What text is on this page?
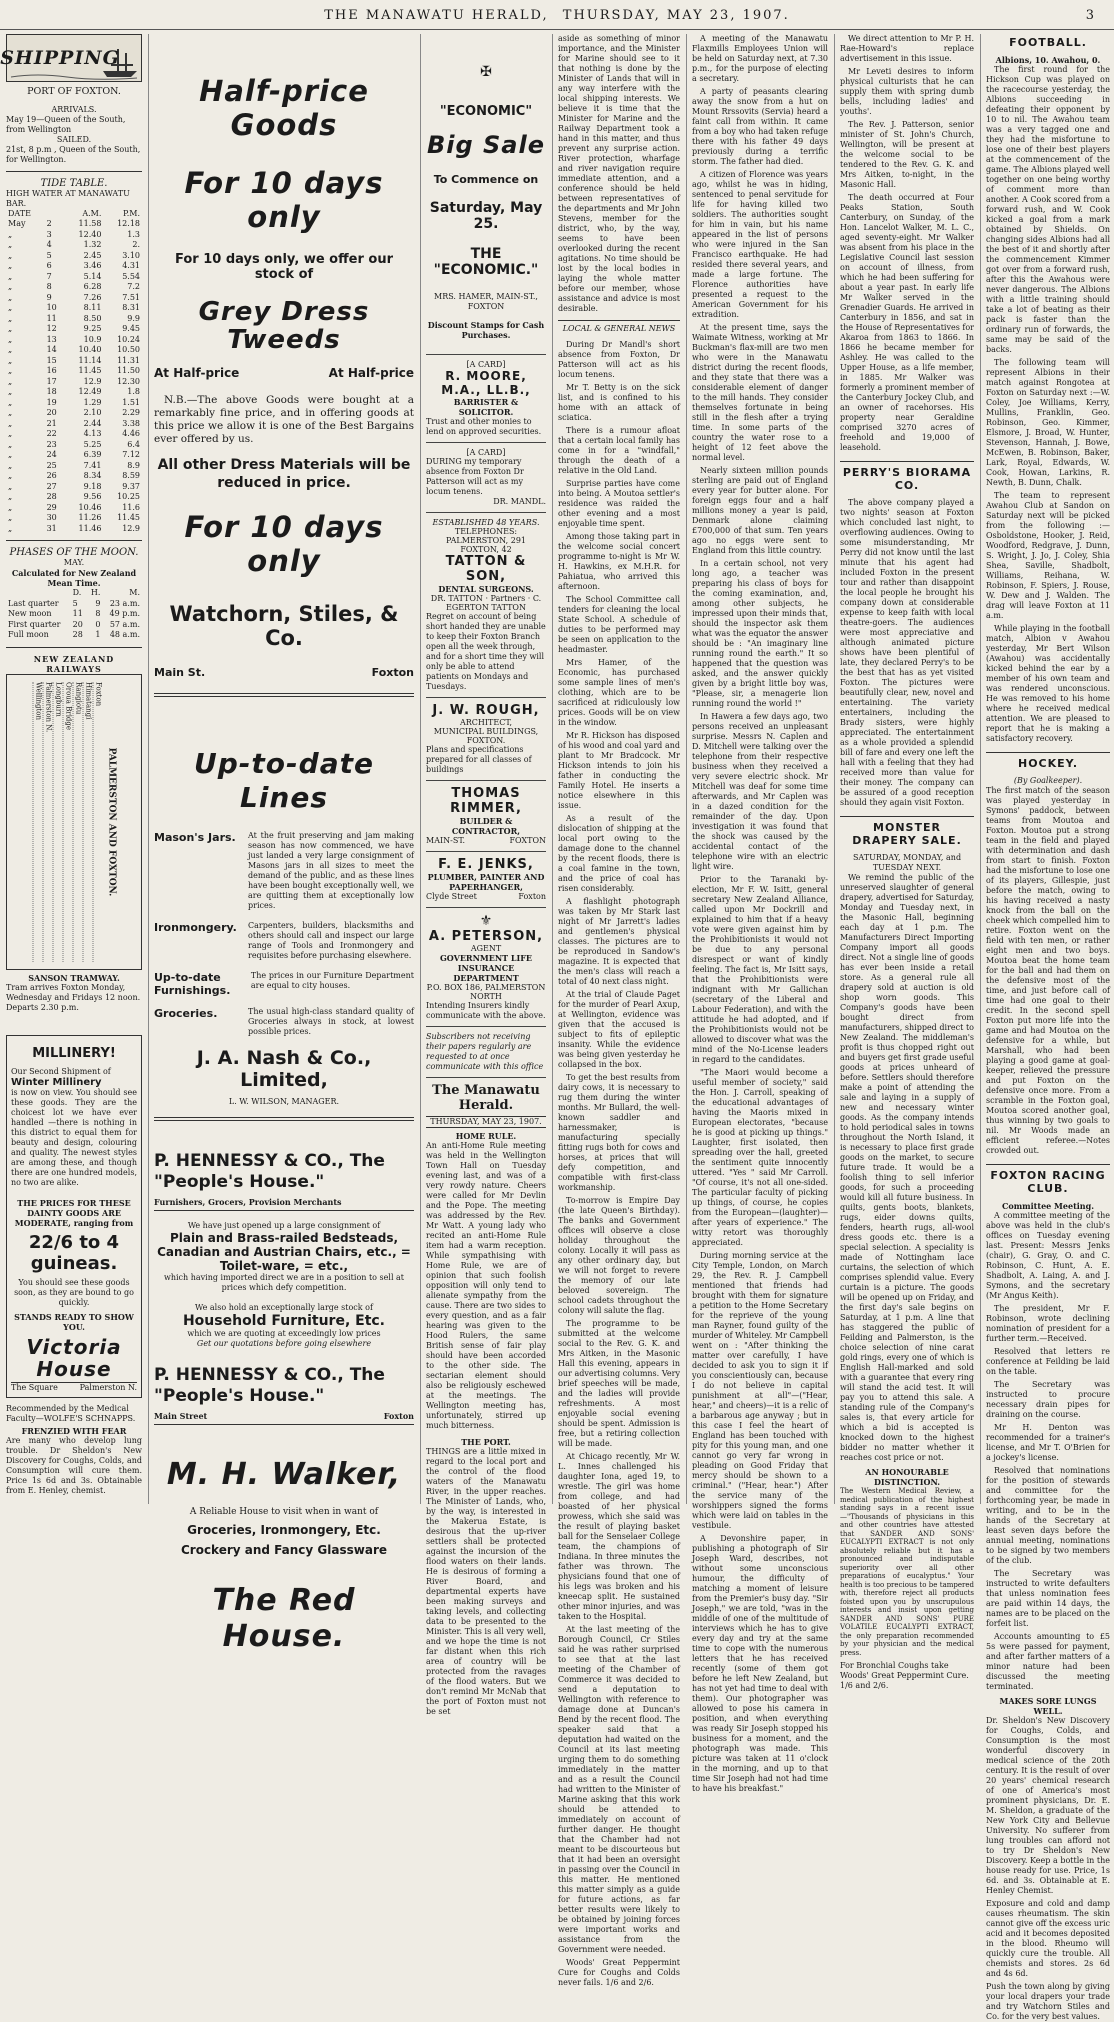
THE MANAWATU HERALD, THURSDAY, MAY 23, 1907.	3
SHIPPING
PORT OF FOXTON.
ARRIVALS.
May 19—Queen of the South, from Wellington
SAILED.
21st, 8 p.m , Queen of the South, for Wellington.
TIDE TABLE.
HIGH WATER AT MANAWATU BAR.
DATE		A.M.	P.M.
May	2	11.58	12.18
„	3	12.40	1.3
„	4	1.32	2.
„	5	2.45	3.10
„	6	3.46	4.31
„	7	5.14	5.54
„	8	6.28	7.2
„	9	7.26	7.51
„	10	8.11	8.31
„	11	8.50	9.9
„	12	9.25	9.45
„	13	10.9	10.24
„	14	10.40	10.50
„	15	11.14	11.31
„	16	11.45	11.50
„	17	12.9	12.30
„	18	12.49	1.8
„	19	1.29	1.51
„	20	2.10	2.29
„	21	2.44	3.38
„	22	4.13	4.46
„	23	5.25	6.4
„	24	6.39	7.12
„	25	7.41	8.9
„	26	8.34	8.59
„	27	9.18	9.37
„	28	9.56	10.25
„	29	10.46	11.6
„	30	11.26	11.45
„	31	11.46	12.9
PHASES OF THE MOON.
MAY.
Calculated for New Zealand Mean Time.
	D.	H.	M.
Last quarter	5	9	23 a.m.
New moon	11	8	49 p.m.
First quarter	20	0	57 a.m.
Full moon	28	1	48 a.m.
NEW ZEALAND RAILWAYS
PALMERSTON AND FOXTON.
Foxton
Himatangi
Rangiotu
Oroua Bridge
Longburn
Palmerston N.
Wellington
SANSON TRAMWAY.
Tram arrives Foxton Monday, Wednesday and Fridays 12 noon. Departs 2.30 p.m.
MILLINERY!
Our Second Shipment of
Winter Millinery
is now on view. You should see these goods. They are the choicest lot we have ever handled —there is nothing in this district to equal them for beauty and design, colouring and quality. The newest styles are among these, and though there are one hundred models, no two are alike.
THE PRICES FOR THESE DAINTY GOODS ARE MODERATE, ranging from
22/6 to 4 guineas.
You should see these goods soon, as they are bound to go quickly.
STANDS READY TO SHOW YOU.
Victoria House
The Square	Palmerston N.
Recommended by the Medical Faculty—WOLFE'S SCHNAPPS.
FRENZIED WITH FEAR
Are many who develop lung trouble. Dr Sheldon's New Discovery for Coughs, Colds, and Consumption will cure them. Price 1s 6d and 3s. Obtainable from E. Henley, chemist.
Half-price Goods
For 10 days only
For 10 days only, we offer our stock of
Grey Dress Tweeds
At Half-price	At Half-price
N.B.—The above Goods were bought at a remarkably fine price, and in offering goods at this price we allow it is one of the Best Bargains ever offered by us.
All other Dress Materials will be reduced in price.
For 10 days only
Watchorn, Stiles, & Co.
Main St.	Foxton
Up-to-date Lines
Mason's Jars.	At the fruit preserving and jam making season has now commenced, we have just landed a very large consignment of Masons jars in all sizes to meet the demand of the public, and as these lines have been bought exceptionally well, we are quitting them at exceptionally low prices.
Ironmongery.	Carpenters, builders, blacksmiths and others should call and inspect our large range of Tools and Ironmongery and requisites before purchasing elsewhere.
Up-to-date Furnishings.
The prices in our Furniture Department are equal to city houses.
Groceries.	The usual high-class standard quality of Groceries always in stock, at lowest possible prices.
J. A. Nash & Co., Limited,
L. W. WILSON, MANAGER.
P. HENNESSY & CO., The "People's House."
Furnishers, Grocers, Provision Merchants
We have just opened up a large consignment of
Plain and Brass-railed Bedsteads, Canadian and Austrian Chairs, etc., = Toilet-ware, = etc.,
which having imported direct we are in a position to sell at prices which defy competition.
We also hold an exceptionally large stock of
Household Furniture, Etc.
which we are quoting at exceedingly low prices
Get our quotations before going elsewhere
P. HENNESSY & CO., The "People's House."
Main Street	Foxton
M. H. Walker,
A Reliable House to visit when in want of
Groceries, Ironmongery, Etc.
Crockery and Fancy Glassware
The Red House.
✠
"ECONOMIC"
Big Sale
To Commence on
Saturday, May 25.
THE "ECONOMIC."
MRS. HAMER, MAIN-ST., FOXTON
Discount Stamps for Cash Purchases.
[A CARD]
R. MOORE, M.A., LL.B.,
BARRISTER & SOLICITOR.
Trust and other monies to lend on approved securities.
[A CARD]
DURING my temporary absence from Foxton Dr Patterson will act as my locum tenens.
DR. MANDL.
ESTABLISHED 48 YEARS.
TELEPHONES:
PALMERSTON, 291 FOXTON, 42
TATTON & SON,
DENTAL SURGEONS.
DR. TATTON · Partners · C. EGERTON TATTON
Regret on account of being short handed they are unable to keep their Foxton Branch open all the week through, and for a short time they will only be able to attend patients on Mondays and Tuesdays.
J. W. ROUGH,
ARCHITECT,
MUNICIPAL BUILDINGS, FOXTON.
Plans and specifications prepared for all classes of buildings
THOMAS RIMMER,
BUILDER & CONTRACTOR,
MAIN-ST.	FOXTON
F. E. JENKS,
PLUMBER, PAINTER AND PAPERHANGER,
Clyde Street	Foxton
⚜
A. PETERSON,
AGENT
GOVERNMENT LIFE INSURANCE DEPARTMENT
P.O. BOX 186, PALMERSTON NORTH
Intending Insurers kindly communicate with the above.
Subscribers not receiving their papers regularly are requested to at once communicate with this office
The Manawatu Herald.
THURSDAY, MAY 23, 1907.
HOME RULE.
An anti-Home Rule meeting was held in the Wellington Town Hall on Tuesday evening last, and was of a very rowdy nature. Cheers were called for Mr Devlin and the Pope. The meeting was addressed by the Rev. Mr Watt. A young lady who recited an anti-Home Rule item had a warm reception. While sympathising with Home Rule, we are of opinion that such foolish opposition will only tend to alienate sympathy from the cause. There are two sides to every question, and as a fair hearing was given to the Hood Rulers, the same British sense of fair play should have been accorded to the other side. The sectarian element should also be religiously eschewed at the meetings. The Wellington meeting has, unfortunately, stirred up much bitterness.
THE PORT.
THINGS are a little mixed in regard to the local port and the control of the flood waters of the Manawatu River, in the upper reaches. The Minister of Lands, who, by the way, is interested in the Makerua Estate, is desirous that the up-river settlers shall be protected against the incursion of the flood waters on their lands. He is desirous of forming a River Board, and departmental experts have been making surveys and taking levels, and collecting data to be presented to the Minister. This is all very well, and we hope the time is not far distant when this rich area of country will be protected from the ravages of the flood waters. But we don't remind Mr McNab that the port of Foxton must not be set
aside as something of minor importance, and the Minister for Marine should see to it that nothing is done by the Minister of Lands that will in any way interfere with the local shipping interests. We believe it is time that the Minister for Marine and the Railway Department took a hand in this matter, and thus prevent any surprise action. River protection, wharfage and river navigation require immediate attention, and a conference should be held between representatives of the departments and Mr John Stevens, member for the district, who, by the way, seems to have been overlooked during the recent agitations. No time should be lost by the local bodies in laying the whole matter before our member, whose assistance and advice is most desirable.
LOCAL & GENERAL NEWS
During Dr Mandl's short absence from Foxton, Dr Patterson will act as his locum tenens.
Mr T. Betty is on the sick list, and is confined to his home with an attack of sciatica.
There is a rumour afloat that a certain local family has come in for a "windfall," through the death of a relative in the Old Land.
Surprise parties have come into being. A Moutoa settler's residence was raided the other evening and a most enjoyable time spent.
Among those taking part in the welcome social concert programme to-night is Mr W. H. Hawkins, ex M.H.R. for Pahiatua, who arrived this afternoon.
The School Committee call tenders for cleaning the local State School. A schedule of duties to be performed may be seen on application to the headmaster.
Mrs Hamer, of the Economic, has purchased some sample lines of men's clothing, which are to be sacrificed at ridiculously low prices. Goods will be on view in the window.
Mr R. Hickson has disposed of his wood and coal yard and plant to Mr Bradcock. Mr Hickson intends to join his father in conducting the Family Hotel. He inserts a notice elsewhere in this issue.
As a result of the dislocation of shipping at the local port owing to the damage done to the channel by the recent floods, there is a coal famine in the town, and the price of coal has risen considerably.
A flashlight photograph was taken by Mr Stark last night of Mr Jarrett's ladies and gentlemen's physical classes. The pictures are to be reproduced in Sandow's magazine. It is expected that the men's class will reach a total of 40 next class night.
At the trial of Claude Paget for the murder of Pearl Axup, at Wellington, evidence was given that the accused is subject to fits of epileptic insanity. While the evidence was being given yesterday he collapsed in the box.
To get the best results from dairy cows, it is necessary to rug them during the winter months. Mr Bullard, the well-known saddler and harnessmaker, is manufacturing specially fitting rugs both for cows and horses, at prices that will defy competition, and compatible with first-class workmanship.
To-morrow is Empire Day (the late Queen's Birthday). The banks and Government offices will observe a close holiday throughout the colony. Locally it will pass as any other ordinary day, but we will not forget to revere the memory of our late beloved sovereign. The school cadets throughout the colony will salute the flag.
The programme to be submitted at the welcome social to the Rev. G. K. and Mrs Aitken, in the Masonic Hall this evening, appears in our advertising columns. Very brief speeches will be made, and the ladies will provide refreshments. A most enjoyable social evening should be spent. Admission is free, but a retiring collection will be made.
At Chicago recently, Mr W. L. Innes challenged his daughter Iona, aged 19, to wrestle. The girl was home from college, and had boasted of her physical prowess, which she said was the result of playing basket ball for the Senselaer College team, the champions of Indiana. In three minutes the father was thrown. The physicians found that one of his legs was broken and his kneecap split. He sustained other minor injuries, and was taken to the Hospital.
At the last meeting of the Borough Council, Cr Stiles said he was rather surprised to see that at the last meeting of the Chamber of Commerce it was decided to send a deputation to Wellington with reference to damage done at Duncan's Bend by the recent flood. The speaker said that a deputation had waited on the Council at its last meeting urging them to do something immediately in the matter and as a result the Council had written to the Minister of Marine asking that this work should be attended to immediately on account of further danger. He thought that the Chamber had not meant to be discourteous but that it had been an oversight in passing over the Council in this matter. He mentioned this matter simply as a guide for future actions, as far better results were likely to be obtained by joining forces were important works and assistance from the Government were needed.
Woods' Great Peppermint Cure for Coughs and Colds never fails. 1/6 and 2/6.
A meeting of the Manawatu Flaxmills Employees Union will be held on Saturday next, at 7.30 p.m., for the purpose of electing a secretary.
A party of peasants clearing away the snow from a hut on Mount Rrssovits (Servia) heard a faint call from within. It came from a boy who had taken refuge there with his father 49 days previously during a terrific storm. The father had died.
A citizen of Florence was years ago, whilst he was in hiding, sentenced to penal servitude for life for having killed two soldiers. The authorities sought for him in vain, but his name appeared in the list of persons who were injured in the San Francisco earthquake. He had resided there several years, and made a large fortune. The Florence authorities have presented a request to the American Government for his extradition.
At the present time, says the Waimate Witness, working at Mr Buckman's flax-mill are two men who were in the Manawatu district during the recent floods, and they state that there was a considerable element of danger to the mill hands. They consider themselves fortunate in being still in the flesh after a trying time. In some parts of the country the water rose to a height of 12 feet above the normal level.
Nearly sixteen million pounds sterling are paid out of England every year for butter alone. For foreign eggs four and a half millions money a year is paid, Denmark alone claiming £700,000 of that sum. Ten years ago no eggs were sent to England from this little country.
In a certain school, not very long ago, a teacher was preparing his class of boys for the coming examination, and, among other subjects, he impressed upon their minds that, should the inspector ask them what was the equator the answer should be : "An imaginary line running round the earth." It so happened that the question was asked, and the answer quickly given by a bright little boy was, "Please, sir, a menagerie lion running round the world !"
In Hawera a few days ago, two persons received an unpleasant surprise. Messrs N. Caplen and D. Mitchell were talking over the telephone from their respective business when they received a very severe electric shock. Mr Mitchell was deaf for some time afterwards, and Mr Caplen was in a dazed condition for the remainder of the day. Upon investigation it was found that the shock was caused by the accidental contact of the telephone wire with an electric light wire.
Prior to the Taranaki by-election, Mr F. W. Isitt, general secretary New Zealand Alliance, called upon Mr Dockrill and explained to him that if a heavy vote were given against him by the Prohibitionists it would not be due to any personal disrespect or want of kindly feeling. The fact is, Mr Isitt says, that the Prohibitionists were indignant with Mr Gallichan (secretary of the Liberal and Labour Federation), and with the attitude he had adopted, and if the Prohibitionists would not be allowed to discover what was the mind of the No-License leaders in regard to the candidates.
"The Maori would become a useful member of society," said the Hon. J. Carroll, speaking of the educational advantages of having the Maoris mixed in European electorates, "because he is good at picking up things." Laughter, first isolated, then spreading over the hall, greeted the sentiment quite innocently uttered. "Yes " said Mr Carroll. "Of course, it's not all one-sided. The particular faculty of picking up things, of course, he copies from the European—(laughter)—after years of experience." The witty retort was thoroughly appreciated.
During morning service at the City Temple, London, on March 29, the Rev. R. J. Campbell mentioned that friends had brought with them for signature a petition to the Home Secretary for the reprieve of the young man Rayner, found guilty of the murder of Whiteley. Mr Campbell went on : "After thinking the matter over carefully, I have decided to ask you to sign it if you conscientiously can, because I do not believe in capital punishment at all"—("Hear, hear," and cheers)—it is a relic of a barbarous age anyway ; but in this case I feel the heart of England has been touched with pity for this young man, and one cannot go very far wrong in pleading on Good Friday that mercy should be shown to a criminal." ("Hear, hear.") After the service many of the worshippers signed the forms which were laid on tables in the vestibule.
A Devonshire paper, in publishing a photograph of Sir Joseph Ward, describes, not without some unconscious humour, the difficulty of matching a moment of leisure from the Premier's busy day. "Sir Joseph," we are told, "was in the middle of one of the multitude of interviews which he has to give every day and try at the same time to cope with the numerous letters that he has received recently (some of them got before he left New Zealand, but has not yet had time to deal with them). Our photographer was allowed to pose his camera in position, and when everything was ready Sir Joseph stopped his business for a moment, and the photograph was made. This picture was taken at 11 o'clock in the morning, and up to that time Sir Joseph had not had time to have his breakfast."
We direct attention to Mr P. H. Rae-Howard's replace advertisement in this issue.
Mr Leveti desires to inform physical culturists that he can supply them with spring dumb bells, including ladies' and youths'.
The Rev. J. Patterson, senior minister of St. John's Church, Wellington, will be present at the welcome social to be tendered to the Rev. G. K. and Mrs Aitken, to-night, in the Masonic Hall.
The death occurred at Four Peaks Station, South Canterbury, on Sunday, of the Hon. Lancelot Walker, M. L. C., aged seventy-eight. Mr Walker was absent from his place in the Legislative Council last session on account of illness, from which he had been suffering for about a year past. In early life Mr Walker served in the Grenadier Guards. He arrived in Canterbury in 1856, and sat in the House of Representatives for Akaroa from 1863 to 1866. In 1866 he became member for Ashley. He was called to the Upper House, as a life member, in 1885. Mr Walker was formerly a prominent member of the Canterbury Jockey Club, and an owner of racehorses. His property near Geraldine comprised 3270 acres of freehold and 19,000 of leasehold.
PERRY'S BIORAMA CO.
The above company played a two nights' season at Foxton which concluded last night, to overflowing audiences. Owing to some misunderstanding, Mr Perry did not know until the last minute that his agent had included Foxton in the present tour and rather than disappoint the local people he brought his company down at considerable expense to keep faith with local theatre-goers. The audiences were most appreciative and although animated picture shows have been plentiful of late, they declared Perry's to be the best that has as yet visited Foxton. The pictures were beautifully clear, new, novel and entertaining. The variety entertainers, including the Brady sisters, were highly appreciated. The entertainment as a whole provided a splendid bill of fare and every one left the hall with a feeling that they had received more than value for their money. The company can be assured of a good reception should they again visit Foxton.
MONSTER DRAPERY SALE.
SATURDAY, MONDAY, and TUESDAY NEXT.
We remind the public of the unreserved slaughter of general drapery, advertised for Saturday, Monday and Tuesday next, in the Masonic Hall, beginning each day at 1 p.m. The Manufacturers Direct Importing Company import all goods direct. Not a single line of goods has ever been inside a retail store. As a general rule all drapery sold at auction is old shop worn goods. This Company's goods have been bought direct from manufacturers, shipped direct to New Zealand. The middleman's profit is thus chopped right out and buyers get first grade useful goods at prices unheard of before. Settlers should therefore make a point of attending the sale and laying in a supply of new and necessary winter goods. As the company intends to hold periodical sales in towns throughout the North Island, it is necessary to place first grade goods on the market, to secure future trade. It would be a foolish thing to sell inferior goods, for such a proceeding would kill all future business. In quilts, gents boots, blankets, rugs, eider downs quilts, fenders, hearth rugs, all-wool dress goods etc. there is a special selection. A speciality is made of Nottingham lace curtains, the selection of which comprises splendid value. Every curtain is a picture. The goods will be opened up on Friday, and the first day's sale begins on Saturday, at 1 p.m. A line that has staggered the public of Feilding and Palmerston, is the choice selection of nine carat gold rings, every one of which is English Hall-marked and sold with a guarantee that every ring will stand the acid test. It will pay you to attend this sale. A standing rule of the Company's sales is, that every article for which a bid is accepted is knocked down to the highest bidder no matter whether it reaches cost price or not.
AN HONOURABLE DISTINCTION.
The Western Medical Review, a medical publication of the highest standing says in a recent issue—"Thousands of physicians in this and other countries have attested that SANDER AND SONS' EUCALYPTI EXTRACT is not only absolutely reliable but it has a pronounced and indisputable superiority over all other preparations of eucalyptus." Your health is too precious to be tampered with, therefore reject all products foisted upon you by unscrupulous interests and insist upon getting SANDER AND SONS' PURE VOLATILE EUCALYPTI EXTRACT, the only preparation recommended by your physician and the medical press.
For Bronchial Coughs take Woods' Great Peppermint Cure. 1/6 and 2/6.
FOOTBALL.
Albions, 10. Awahou, 0.
The first round for the Hickson Cup was played on the racecourse yesterday, the Albions succeeding in defeating their opponent by 10 to nil. The Awahou team was a very tagged one and they had the misfortune to lose one of their best players at the commencement of the game. The Albions played well together on one being worthy of comment more than another. A Cook scored from a forward rush, and W. Cook kicked a goal from a mark obtained by Shields. On changing sides Albions had all the best of it and shortly after the commencement Kimmer got over from a forward rush, after this the Awahous were never dangerous. The Albions with a little training should take a lot of beating as their pack is faster than the ordinary run of forwards, the same may be said of the backs.
The following team will represent Albions in their match against Rongotea at Foxton on Saturday next :—W. Coley, Joe Williams, Kerry, Mullins, Franklin, Geo. Robinson, Geo. Kimmer, Elsmore, J. Broad, W. Hunter, Stevenson, Hannah, J. Bowe, McEwen, B. Robinson, Baker, Lark, Royal, Edwards, W. Cook, Howan, Larkins, R. Newth, B. Dunn, Chalk.
The team to represent Awahou Club at Sandon on Saturday next will be picked from the following :—Osboldstone, Hooker, J. Reid, Woodford, Redgrave, J. Dunn, S. Wright, J. Jo, J. Coley, Shia Shea, Saville, Shadbolt, Williams, Reihana, W. Robinson, F. Spiers, J. Rouse, W. Dew and J. Walden. The drag will leave Foxton at 11 a.m.
While playing in the football match, Albion v Awahou yesterday, Mr Bert Wilson (Awahou) was accidentally kicked behind the ear by a member of his own team and was rendered unconscious. He was removed to his home where he received medical attention. We are pleased to report that he is making a satisfactory recovery.
HOCKEY.
(By Goalkeeper).
The first match of the season was played yesterday in Symons' paddock, between teams from Moutoa and Foxton. Moutoa put a strong team in the field and played with determination and dash from start to finish. Foxton had the misfortune to lose one of its players, Gillespie, just before the match, owing to his having received a nasty knock from the ball on the cheek which compelled him to retire. Foxton went on the field with ten men, or rather eight men and two boys. Moutoa beat the home team for the ball and had them on the defensive most of the time, and just before call of time had one goal to their credit. In the second spell Foxton put more life into the game and had Moutoa on the defensive for a while, but Marshall, who had been playing a good game at goal-keeper, relieved the pressure and put Foxton on the defensive once more. From a scramble in the Foxton goal, Moutoa scored another goal, thus winning by two goals to nil. Mr Woods made an efficient referee.—Notes crowded out.
FOXTON RACING CLUB.
Committee Meeting.
A committee meeting of the above was held in the club's offices on Tuesday evening last. Present: Messrs Jenks (chair), G. Gray, O. and C. Robinson, C. Hunt, A. E. Shadbolt, A. Laing, A. and J. Symons, and the secretary (Mr Angus Keith).
The president, Mr F. Robinson, wrote declining nomination of president for a further term.—Received.
Resolved that letters re conference at Feilding be laid on the table.
The Secretary was instructed to procure necessary drain pipes for draining on the course.
Mr H. Denton was recommended for a trainer's license, and Mr T. O'Brien for a jockey's license.
Resolved that nominations for the position of stewards and committee for the forthcoming year, be made in writing, and to be in the hands of the Secretary at least seven days before the annual meeting, nominations to be signed by two members of the club.
The Secretary was instructed to write defaulters that unless nomination fees are paid within 14 days, the names are to be placed on the forfeit list.
Accounts amounting to £5 5s were passed for payment, and after farther matters of a minor nature had been discussed the meeting terminated.
MAKES SORE LUNGS WELL.
Dr. Sheldon's New Discovery for Coughs, Colds, and Consumption is the most wonderful discovery in medical science of the 20th century. It is the result of over 20 years' chemical research of one of America's most prominent physicians, Dr. E. M. Sheldon, a graduate of the New York City and Bellevue University. No sufferer from lung troubles can afford not to try Dr Sheldon's New Discovery. Keep a bottle in the house ready for use. Price, 1s 6d. and 3s. Obtainable at E. Henley Chemist.
Exposure and cold and damp causes rheumatism. The skin cannot give off the excess uric acid and it becomes deposited in the blood. Rheumo will quickly cure the trouble. All chemists and stores. 2s 6d and 4s 6d.
Push the town along by giving your local drapers your trade and try Watchorn Stiles and Co. for the very best values.
